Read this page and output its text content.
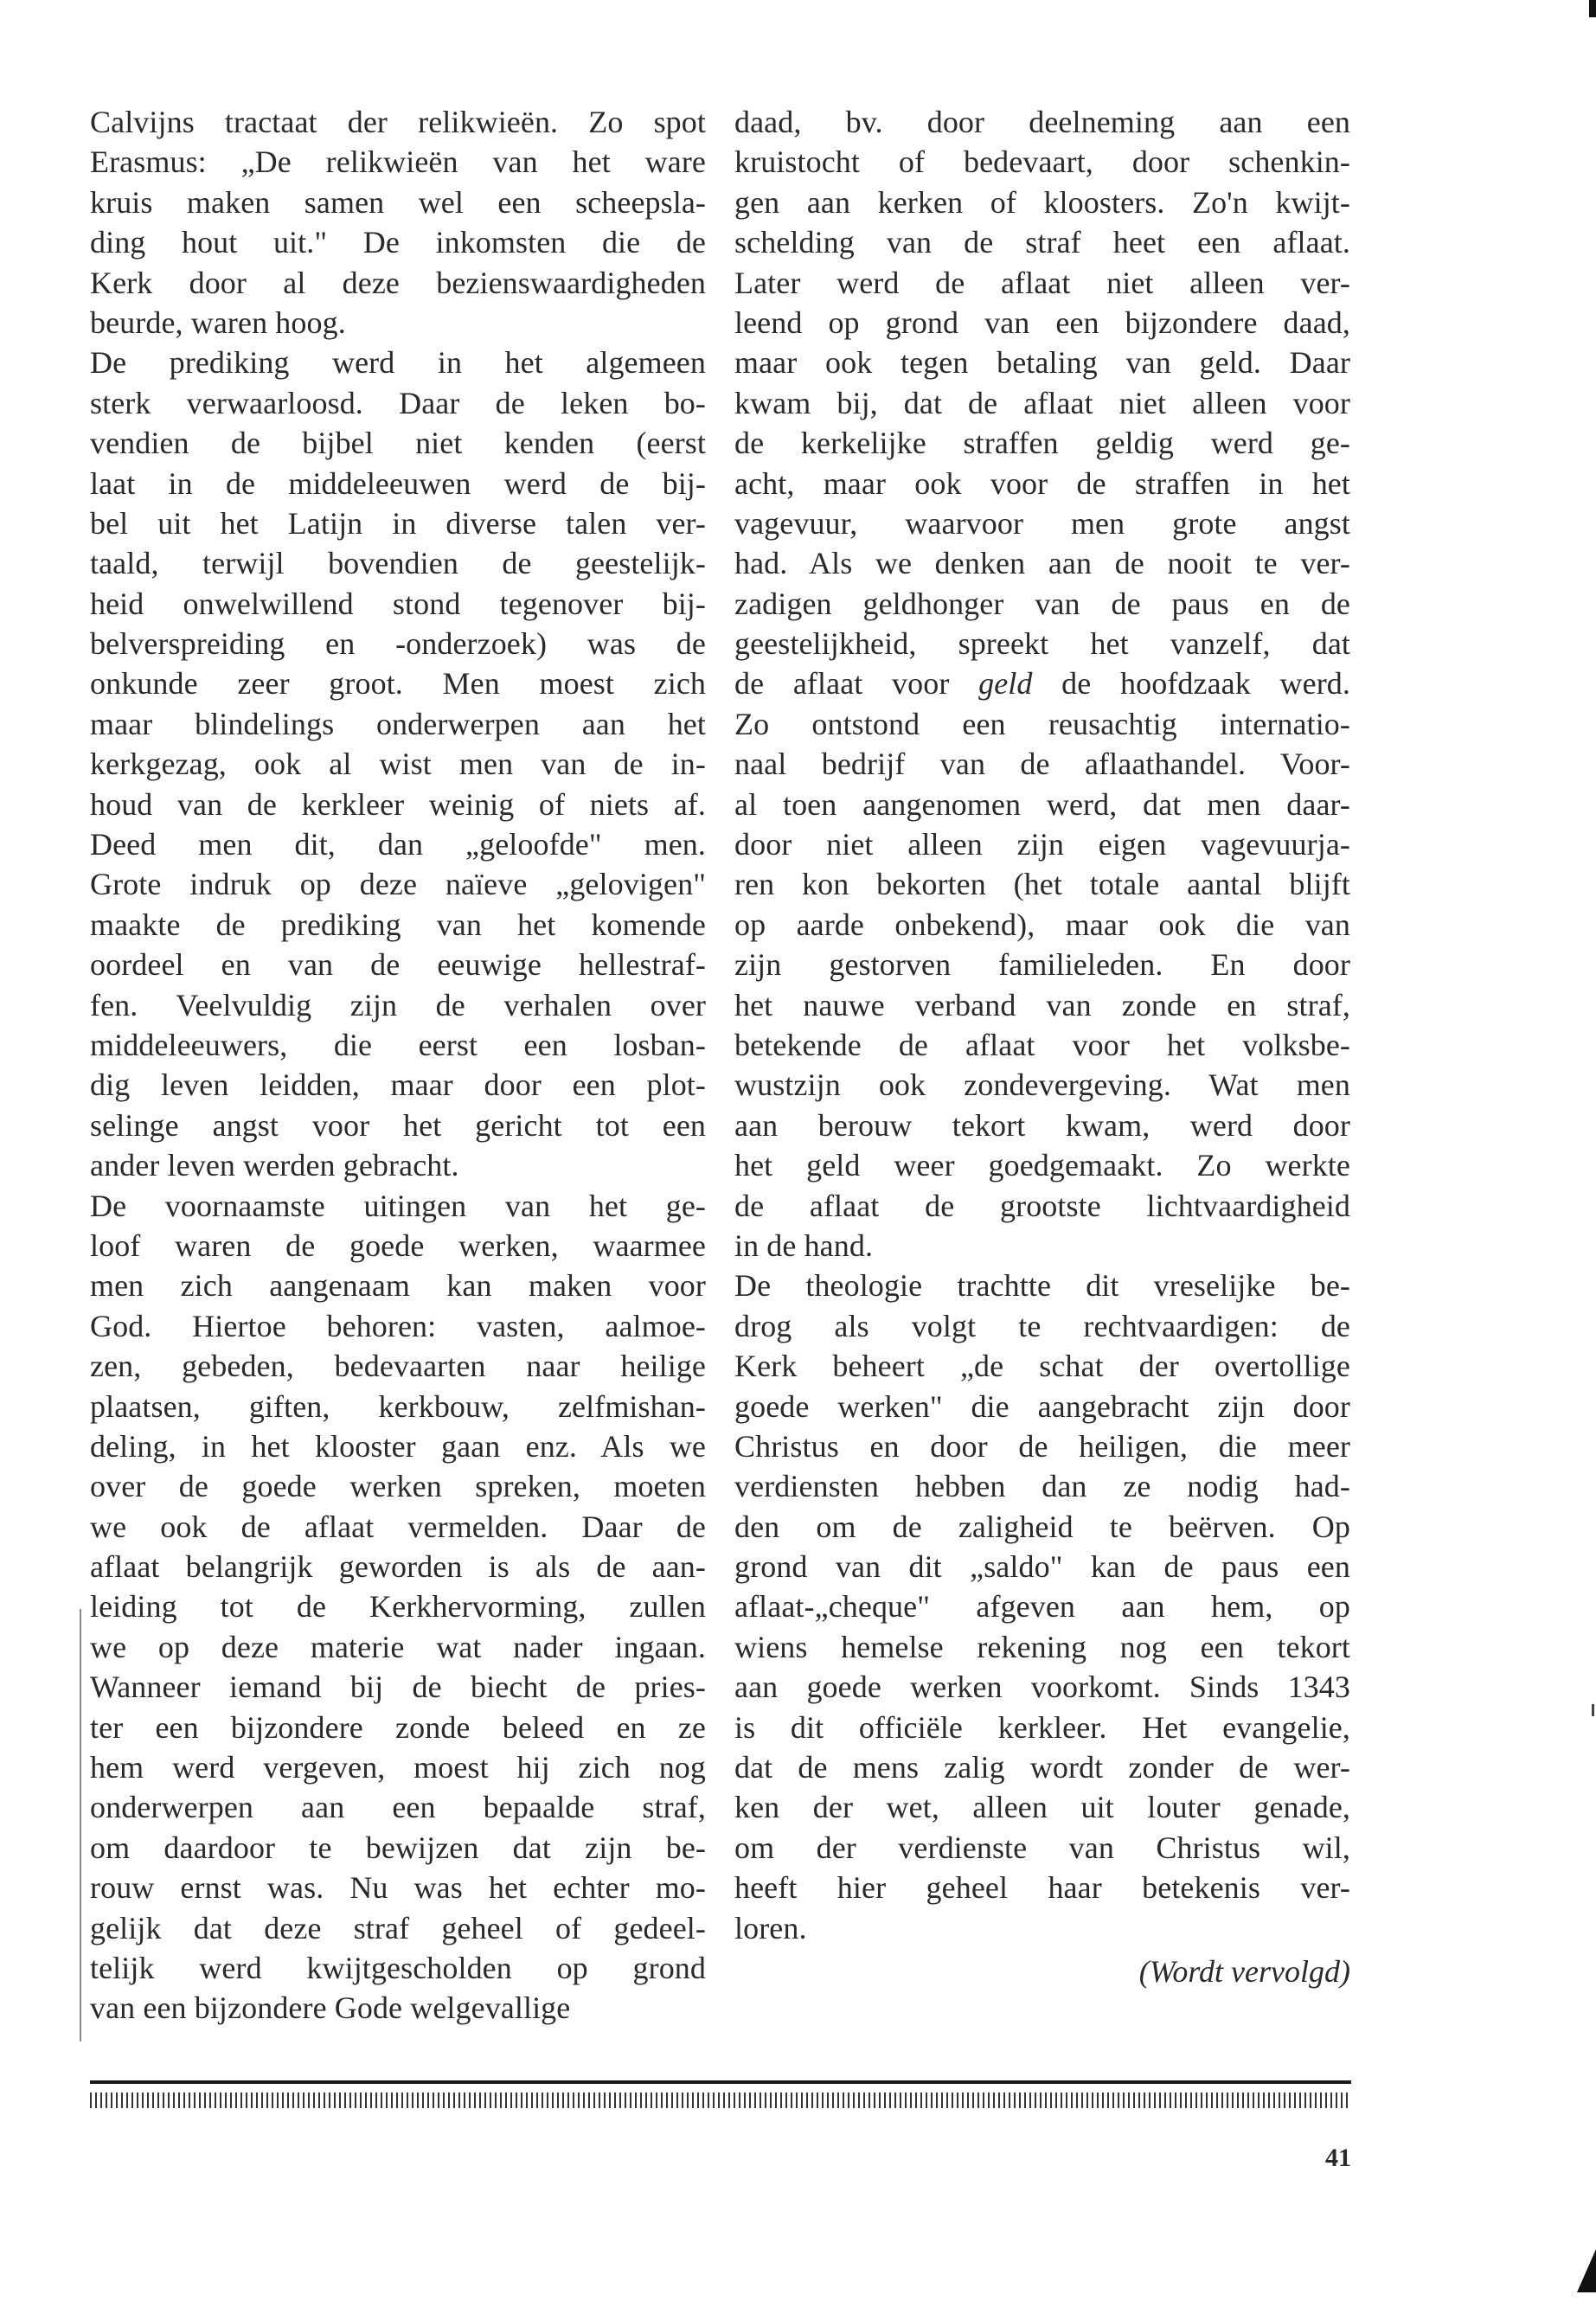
Calvijns tractaat der relikwieën. Zo spot
Erasmus: „De relikwieën van het ware
kruis maken samen wel een scheepsla-
ding hout uit." De inkomsten die de
Kerk door al deze bezienswaardigheden
beurde, waren hoog.
De prediking werd in het algemeen
sterk verwaarloosd. Daar de leken bo-
vendien de bijbel niet kenden (eerst
laat in de middeleeuwen werd de bij-
bel uit het Latijn in diverse talen ver-
taald, terwijl bovendien de geestelijk-
heid onwelwillend stond tegenover bij-
belverspreiding en -onderzoek) was de
onkunde zeer groot. Men moest zich
maar blindelings onderwerpen aan het
kerkgezag, ook al wist men van de in-
houd van de kerkleer weinig of niets af.
Deed men dit, dan „geloofde" men.
Grote indruk op deze naïeve „gelovigen"
maakte de prediking van het komende
oordeel en van de eeuwige hellestraf-
fen. Veelvuldig zijn de verhalen over
middeleeuwers, die eerst een losban-
dig leven leidden, maar door een plot-
selinge angst voor het gericht tot een
ander leven werden gebracht.
De voornaamste uitingen van het ge-
loof waren de goede werken, waarmee
men zich aangenaam kan maken voor
God. Hiertoe behoren: vasten, aalmoe-
zen, gebeden, bedevaarten naar heilige
plaatsen, giften, kerkbouw, zelfmishan-
deling, in het klooster gaan enz. Als we
over de goede werken spreken, moeten
we ook de aflaat vermelden. Daar de
aflaat belangrijk geworden is als de aan-
leiding tot de Kerkhervorming, zullen
we op deze materie wat nader ingaan.
Wanneer iemand bij de biecht de pries-
ter een bijzondere zonde beleed en ze
hem werd vergeven, moest hij zich nog
onderwerpen aan een bepaalde straf,
om daardoor te bewijzen dat zijn be-
rouw ernst was. Nu was het echter mo-
gelijk dat deze straf geheel of gedeel-
telijk werd kwijtgescholden op grond
van een bijzondere Gode welgevallige
daad, bv. door deelneming aan een
kruistocht of bedevaart, door schenkin-
gen aan kerken of kloosters. Zo'n kwijt-
schelding van de straf heet een aflaat.
Later werd de aflaat niet alleen ver-
leend op grond van een bijzondere daad,
maar ook tegen betaling van geld. Daar
kwam bij, dat de aflaat niet alleen voor
de kerkelijke straffen geldig werd ge-
acht, maar ook voor de straffen in het
vagevuur, waarvoor men grote angst
had. Als we denken aan de nooit te ver-
zadigen geldhonger van de paus en de
geestelijkheid, spreekt het vanzelf, dat
de aflaat voor geld de hoofdzaak werd.
Zo ontstond een reusachtig internatio-
naal bedrijf van de aflaathandel. Voor-
al toen aangenomen werd, dat men daar-
door niet alleen zijn eigen vagevuurja-
ren kon bekorten (het totale aantal blijft
op aarde onbekend), maar ook die van
zijn gestorven familieleden. En door
het nauwe verband van zonde en straf,
betekende de aflaat voor het volksbe-
wustzijn ook zondevergeving. Wat men
aan berouw tekort kwam, werd door
het geld weer goedgemaakt. Zo werkte
de aflaat de grootste lichtvaardigheid
in de hand.
De theologie trachtte dit vreselijke be-
drog als volgt te rechtvaardigen: de
Kerk beheert „de schat der overtollige
goede werken" die aangebracht zijn door
Christus en door de heiligen, die meer
verdiensten hebben dan ze nodig had-
den om de zaligheid te beërven. Op
grond van dit „saldo" kan de paus een
aflaat-„cheque" afgeven aan hem, op
wiens hemelse rekening nog een tekort
aan goede werken voorkomt. Sinds 1343
is dit officiële kerkleer. Het evangelie,
dat de mens zalig wordt zonder de wer-
ken der wet, alleen uit louter genade,
om der verdienste van Christus wil,
heeft hier geheel haar betekenis ver-
loren.
(Wordt vervolgd)
41
